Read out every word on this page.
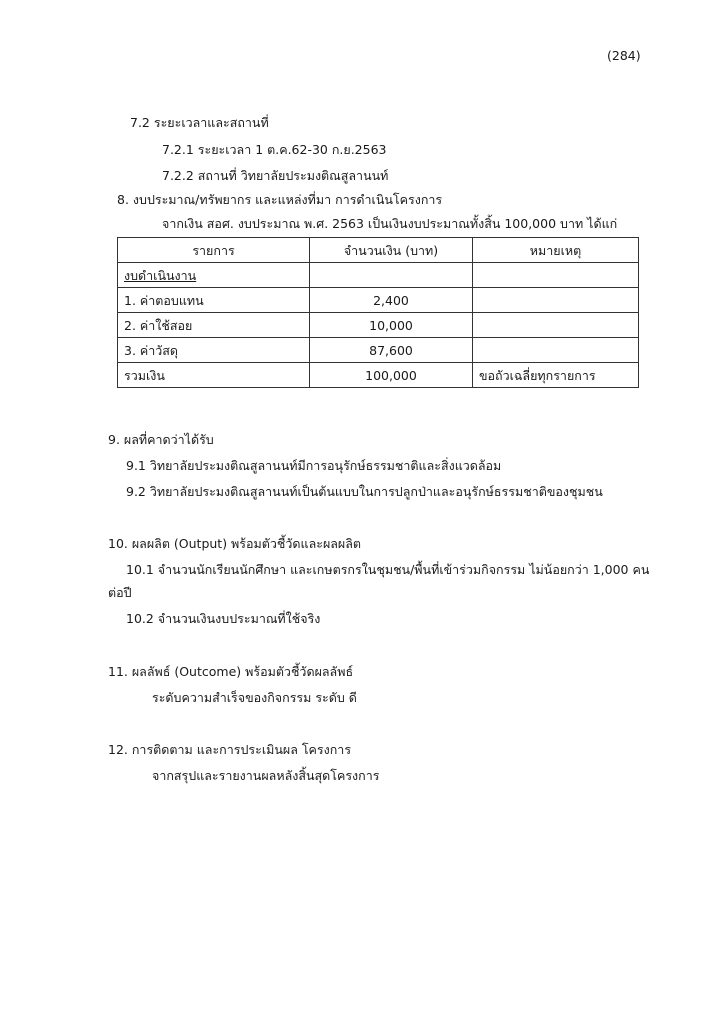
(284)
7.2 ระยะเวลาและสถานที่
7.2.1 ระยะเวลา 1 ต.ค.62-30 ก.ย.2563
7.2.2 สถานที่ วิทยาลัยประมงติณสูลานนท์
8. งบประมาณ/ทรัพยากร และแหล่งที่มา การดำเนินโครงการ
จากเงิน สอศ. งบประมาณ พ.ศ. 2563 เป็นเงินงบประมาณทั้งสิ้น 100,000 บาท ได้แก่
รายการ	จำนวนเงิน (บาท)	หมายเหตุ
งบดำเนินงาน		
1. ค่าตอบแทน	2,400	
2. ค่าใช้สอย	10,000	
3. ค่าวัสดุ	87,600	
รวมเงิน	100,000	ขอถัวเฉลี่ยทุกรายการ
9. ผลที่คาดว่าได้รับ
9.1 วิทยาลัยประมงติณสูลานนท์มีการอนุรักษ์ธรรมชาติและสิ่งแวดล้อม
9.2 วิทยาลัยประมงติณสูลานนท์เป็นต้นแบบในการปลูกป่าและอนุรักษ์ธรรมชาติของชุมชน
10. ผลผลิต (Output) พร้อมตัวชี้วัดและผลผลิต
10.1 จำนวนนักเรียนนักศึกษา และเกษตรกรในชุมชน/พื้นที่เข้าร่วมกิจกรรม ไม่น้อยกว่า 1,000 คน
ต่อปี
10.2 จำนวนเงินงบประมาณที่ใช้จริง
11. ผลลัพธ์ (Outcome) พร้อมตัวชี้วัดผลลัพธ์
ระดับความสำเร็จของกิจกรรม ระดับ ดี
12. การติดตาม และการประเมินผล โครงการ
จากสรุปและรายงานผลหลังสิ้นสุดโครงการ
